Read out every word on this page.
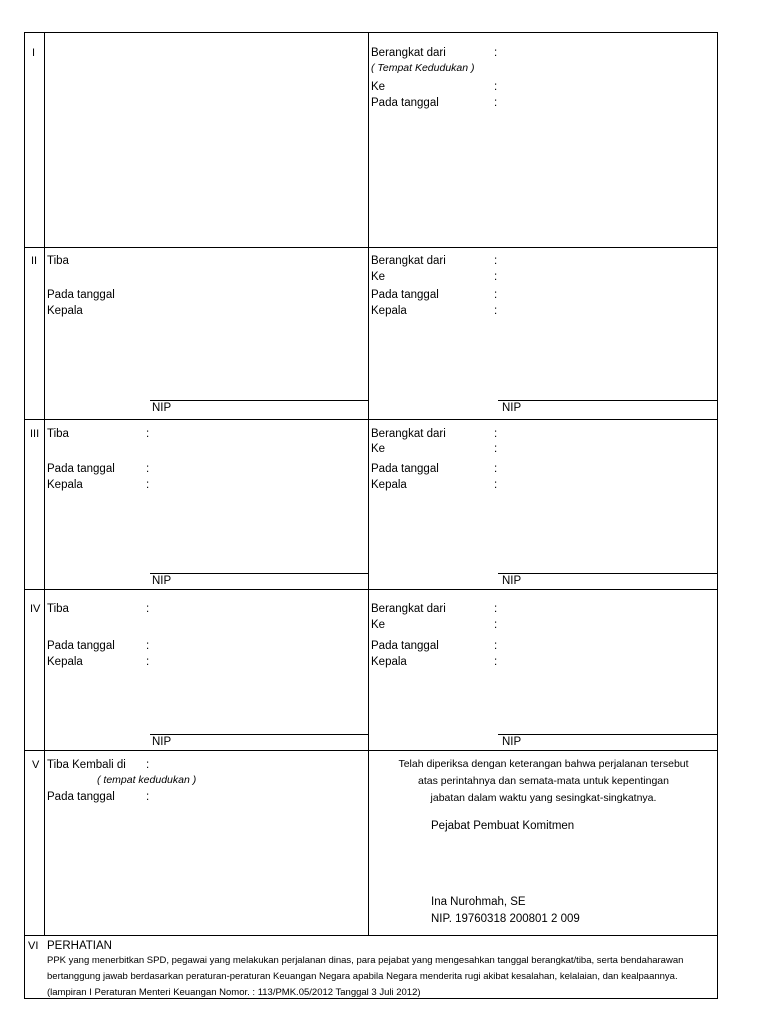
I	Berangkat dari	:
( Tempat Kedudukan )
Ke	:
Pada tanggal	:
II Tiba
Pada tanggal
Kepala
NIP
Berangkat dari	:
Ke	:
Pada tanggal	:
Kepala	:
NIP
III Tiba	:
Pada tanggal	:
Kepala	:
NIP
Berangkat dari	:
Ke	:
Pada tanggal	:
Kepala	:
NIP
IV Tiba	:
Pada tanggal	:
Kepala	:
NIP
Berangkat dari	:
Ke	:
Pada tanggal	:
Kepala	:
NIP
V Tiba Kembali di :
( tempat kedudukan )
Pada tanggal	:
Telah diperiksa dengan keterangan bahwa perjalanan tersebut
atas perintahnya dan semata-mata untuk kepentingan
jabatan dalam waktu yang sesingkat-singkatnya.
Pejabat Pembuat Komitmen
Ina Nurohmah, SE
NIP. 19760318 200801 2 009
VI PERHATIAN
PPK yang menerbitkan SPD, pegawai yang melakukan perjalanan dinas, para pejabat yang mengesahkan tanggal berangkat/tiba, serta bendaharawan
bertanggung jawab berdasarkan peraturan-peraturan Keuangan Negara apabila Negara menderita rugi akibat kesalahan, kelalaian, dan kealpaannya.
(lampiran I Peraturan Menteri Keuangan Nomor. : 113/PMK.05/2012 Tanggal 3 Juli 2012)
